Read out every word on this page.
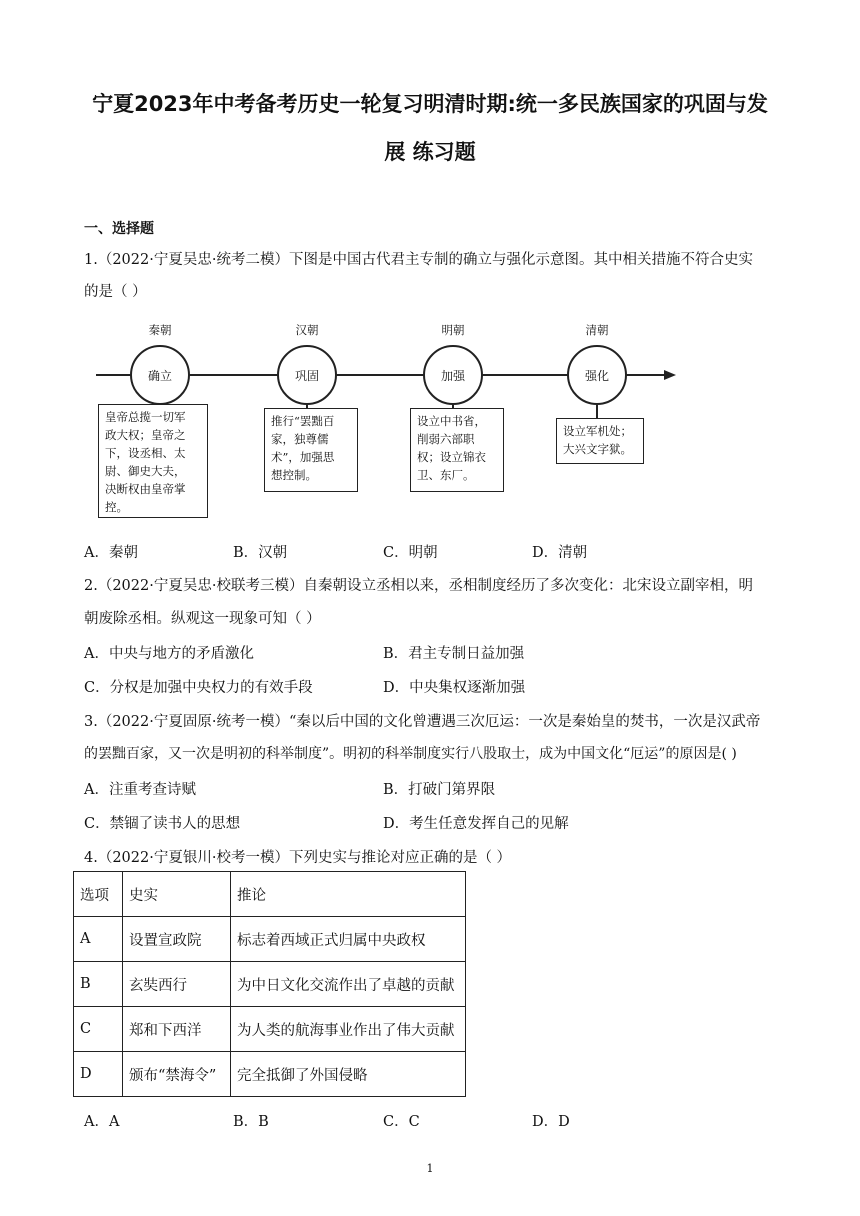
宁夏2023年中考备考历史一轮复习明清时期:统一多民族国家的巩固与发
展 练习题
一、选择题
1.（2022·宁夏吴忠·统考二模）下图是中国古代君主专制的确立与强化示意图。其中相关措施不符合史实
的是（ ）
秦朝
确立
皇帝总揽一切军
政大权；皇帝之
下，设丞相、太
尉、御史大夫，
决断权由皇帝掌
控。
汉朝
巩固
推行“罢黜百
家，独尊儒
术”，加强思
想控制。
明朝
加强
设立中书省，
削弱六部职
权；设立锦衣
卫、东厂。
清朝
强化
设立军机处；
大兴文字狱。
A．秦朝	B．汉朝	C．明朝	D．清朝
2.（2022·宁夏吴忠·校联考三模）自秦朝设立丞相以来，丞相制度经历了多次变化：北宋设立副宰相，明
朝废除丞相。纵观这一现象可知（ ）
A．中央与地方的矛盾激化	B．君主专制日益加强
C．分权是加强中央权力的有效手段	D．中央集权逐渐加强
3.（2022·宁夏固原·统考一模）“秦以后中国的文化曾遭遇三次厄运：一次是秦始皇的焚书，一次是汉武帝
的罢黜百家，又一次是明初的科举制度”。明初的科举制度实行八股取士，成为中国文化“厄运”的原因是( )
A．注重考查诗赋	B．打破门第界限
C．禁锢了读书人的思想	D．考生任意发挥自己的见解
4.（2022·宁夏银川·校考一模）下列史实与推论对应正确的是（ ）
选项	史实	推论
A	设置宣政院	标志着西域正式归属中央政权
B	玄奘西行	为中日文化交流作出了卓越的贡献
C	郑和下西洋	为人类的航海事业作出了伟大贡献
D	颁布“禁海令”	完全抵御了外国侵略
A．A	B．B	C．C	D．D
1
